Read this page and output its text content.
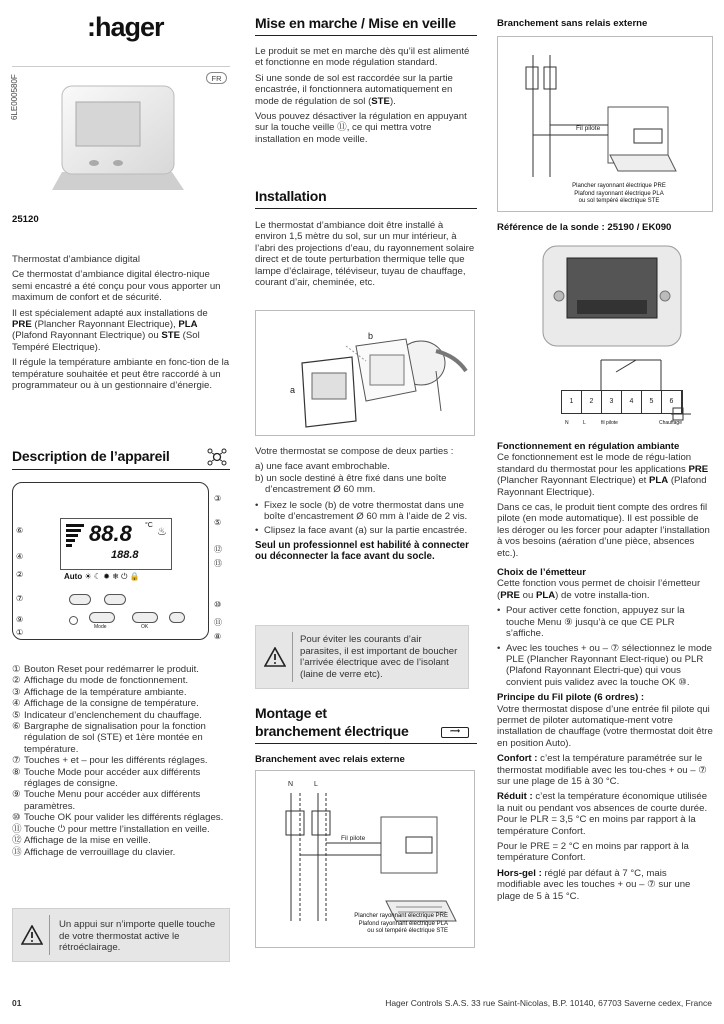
:hager
6LE000580F	FR
25120

Thermostat d’ambiance digital

Ce thermostat d’ambiance digital électro-nique semi encastré a été conçu pour vous apporter un maximum de confort et de sécurité.

Il est spécialement adapté aux installations de PRE (Plancher Rayonnant Electrique), PLA (Plafond Rayonnant Electrique) ou STE (Sol Tempéré Electrique).

Il régule la température ambiante en fonc-tion de la température souhaitée et peut être raccordé à un programmateur ou à un gestionnaire d’énergie.

Description de l’appareil
88.8 °C
♨
188.8
Auto ☀ ☾ ✹ ❄ ⏻ 🔒
Mode	OK
③
⑤
⑫
⑬
⑩
⑪
⑧
⑥
④
②
⑦
⑨
①
① Bouton Reset pour redémarrer le produit.
② Affichage du mode de fonctionnement.
③ Affichage de la température ambiante.
④ Affichage de la consigne de température.
⑤ Indicateur d’enclenchement du chauffage.
⑥ Bargraphe de signalisation pour la fonction régulation de sol (STE) et 1ère montée en température.
⑦ Touches + et – pour les différents réglages.
⑧ Touche Mode pour accéder aux différents réglages de consigne.
⑨ Touche Menu pour accéder aux différents paramètres.
⑩ Touche OK pour valider les différents réglages.
⑪ Touche ⏻ pour mettre l’installation en veille.
⑫ Affichage de la mise en veille.
⑬ Affichage de verrouillage du clavier.
Un appui sur n’importe quelle touche de votre thermostat active le rétroéclairage.
Mise en marche / Mise en veille

Le produit se met en marche dès qu’il est alimenté et fonctionne en mode régulation standard.

Si une sonde de sol est raccordée sur la partie encastrée, il fonctionnera automatiquement en mode de régulation de sol (STE).

Vous pouvez désactiver la régulation en appuyant sur la touche veille ⑪, ce qui mettra votre installation en mode veille.

Installation

Le thermostat d’ambiance doit être installé à environ 1,5 mètre du sol, sur un mur intérieur, à l’abri des projections d’eau, du rayonnement solaire direct et de toute perturbation thermique telle que lampe d’éclairage, téléviseur, tuyau de chauffage, courant d’air, cheminée, etc.

a
b

Votre thermostat se compose de deux parties :

a) une face avant embrochable.
b) un socle destiné à être fixé dans une boîte d’encastrement Ø 60 mm.
• Fixez le socle (b) de votre thermostat dans une boîte d’encastrement Ø 60 mm à l’aide de 2 vis.
• Clipsez la face avant (a) sur la partie encastrée.

Seul un professionnel est habilité à connecter ou déconnecter la face avant du socle.

Pour éviter les courants d’air parasites, il est important de boucher l’arrivée électrique avec de l’isolant (laine de verre etc).
Montage et
branchement électrique	⟿
Branchement avec relais externe
N	L
Fil pilote
Plancher rayonnant électrique PRE
Plafond rayonnant électrique PLA
ou sol tempéré électrique STE
Branchement sans relais externe
Fil pilote
Plancher rayonnant électrique PRE
Plafond rayonnant électrique PLA
ou sol tempéré électrique STE
Référence de la sonde : 25190 / EK090
1	2	3	4	5	6
N	L	fil pilote	Chauffage

Fonctionnement en régulation ambiante

Ce fonctionnement est le mode de régu-lation standard du thermostat pour les applications PRE (Plancher Rayonnant Electrique) et PLA (Plafond Rayonnant Electrique).

Dans ce cas, le produit tient compte des ordres fil pilote (en mode automatique). Il est possible de les déroger ou les forcer pour adapter l’installation à vos besoins (aération d’une pièce, absences etc.).

Choix de l’émetteur

Cette fonction vous permet de choisir l’émetteur (PRE ou PLA) de votre installa-tion.

• Pour activer cette fonction, appuyez sur la touche Menu ⑨ jusqu’à ce que CE PLR s’affiche.
• Avec les touches + ou – ⑦ sélectionnez le mode PLE (Plancher Rayonnant Elect-rique) ou PLR (Plafond Rayonnant Electri-que) qui vous convient puis validez avec la touche OK ⑩.

Principe du Fil pilote (6 ordres) :

Votre thermostat dispose d’une entrée fil pilote qui permet de piloter automatique-ment votre installation de chauffage (votre thermostat doit être en position Auto).

Confort : c’est la température paramétrée sur le thermostat modifiable avec les tou-ches + ou – ⑦ sur une plage de 15 à 30 °C.

Réduit : c’est la température économique utilisée la nuit ou pendant vos absences de courte durée. Pour le PLR = 3,5 °C en moins par rapport à la température Confort.

Pour le PRE = 2 °C en moins par rapport à la température Confort.

Hors-gel : réglé par défaut à 7 °C, mais modifiable avec les touches + ou – ⑦ sur une plage de 5 à 15 °C.

01	Hager Controls S.A.S. 33 rue Saint-Nicolas, B.P. 10140, 67703 Saverne cedex, France
